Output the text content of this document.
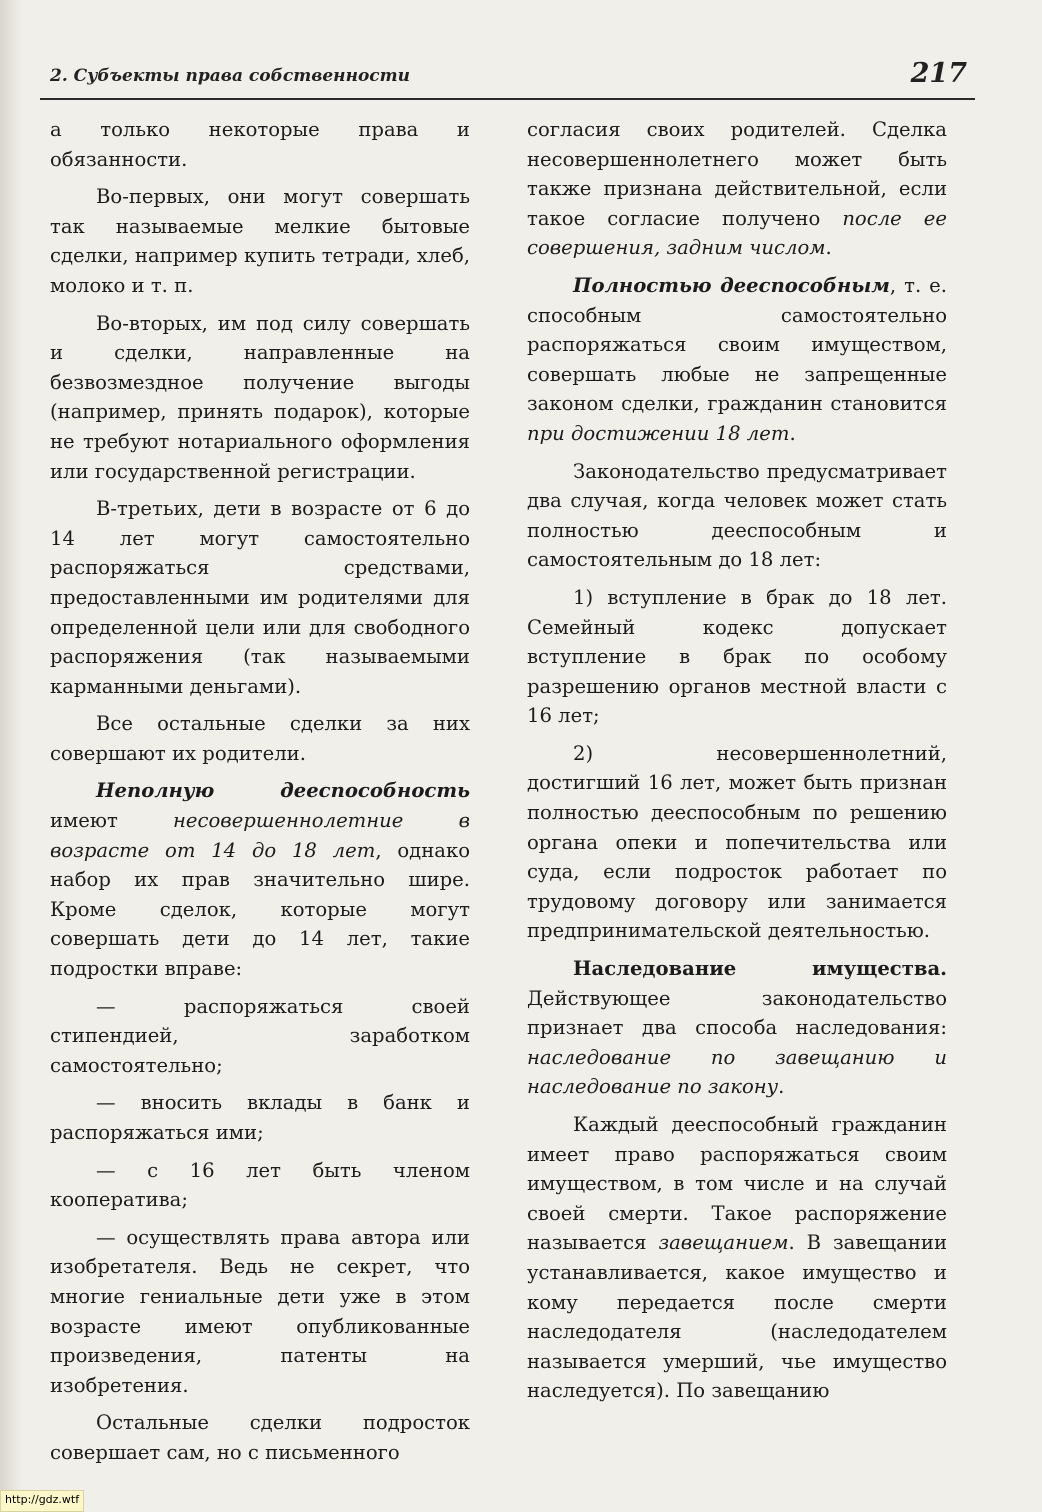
2. Субъекты права собственности	217

а только некоторые права и обязанности.

Во-первых, они могут совершать так называемые мелкие бытовые сделки, например купить тетради, хлеб, молоко и т. п.

Во-вторых, им под силу совершать и сделки, направленные на безвозмездное получение выгоды (например, принять подарок), которые не требуют нотариального оформления или государственной регистрации.

В-третьих, дети в возрасте от 6 до 14 лет могут самостоятельно распоряжаться средствами, предоставленными им родителями для определенной цели или для свободного распоряжения (так называемыми карманными деньгами).

Все остальные сделки за них совершают их родители.

Неполную дееспособность имеют несовершеннолетние в возрасте от 14 до 18 лет, однако набор их прав значительно шире. Кроме сделок, которые могут совершать дети до 14 лет, такие подростки вправе:

— распоряжаться своей стипендией, заработком самостоятельно;

— вносить вклады в банк и распоряжаться ими;

— с 16 лет быть членом кооператива;

— осуществлять права автора или изобретателя. Ведь не секрет, что многие гениальные дети уже в этом возрасте имеют опубликованные произведения, патенты на изобретения.

Остальные сделки подросток совершает сам, но с письменного

согласия своих родителей. Сделка несовершеннолетнего может быть также признана действительной, если такое согласие получено после ее совершения, задним числом.

Полностью дееспособным, т. е. способным самостоятельно распоряжаться своим имуществом, совершать любые не запрещенные законом сделки, гражданин становится при достижении 18 лет.

Законодательство предусматривает два случая, когда человек может стать полностью дееспособным и самостоятельным до 18 лет:

1) вступление в брак до 18 лет. Семейный кодекс допускает вступление в брак по особому разрешению органов местной власти с 16 лет;

2) несовершеннолетний, достигший 16 лет, может быть признан полностью дееспособным по решению органа опеки и попечительства или суда, если подросток работает по трудовому договору или занимается предпринимательской деятельностью.

Наследование имущества. Действующее законодательство признает два способа наследования: наследование по завещанию и наследование по закону.

Каждый дееспособный гражданин имеет право распоряжаться своим имуществом, в том числе и на случай своей смерти. Такое распоряжение называется завещанием. В завещании устанавливается, какое имущество и кому передается после смерти наследодателя (наследодателем называется умерший, чье имущество наследуется). По завещанию

http://gdz.wtf
